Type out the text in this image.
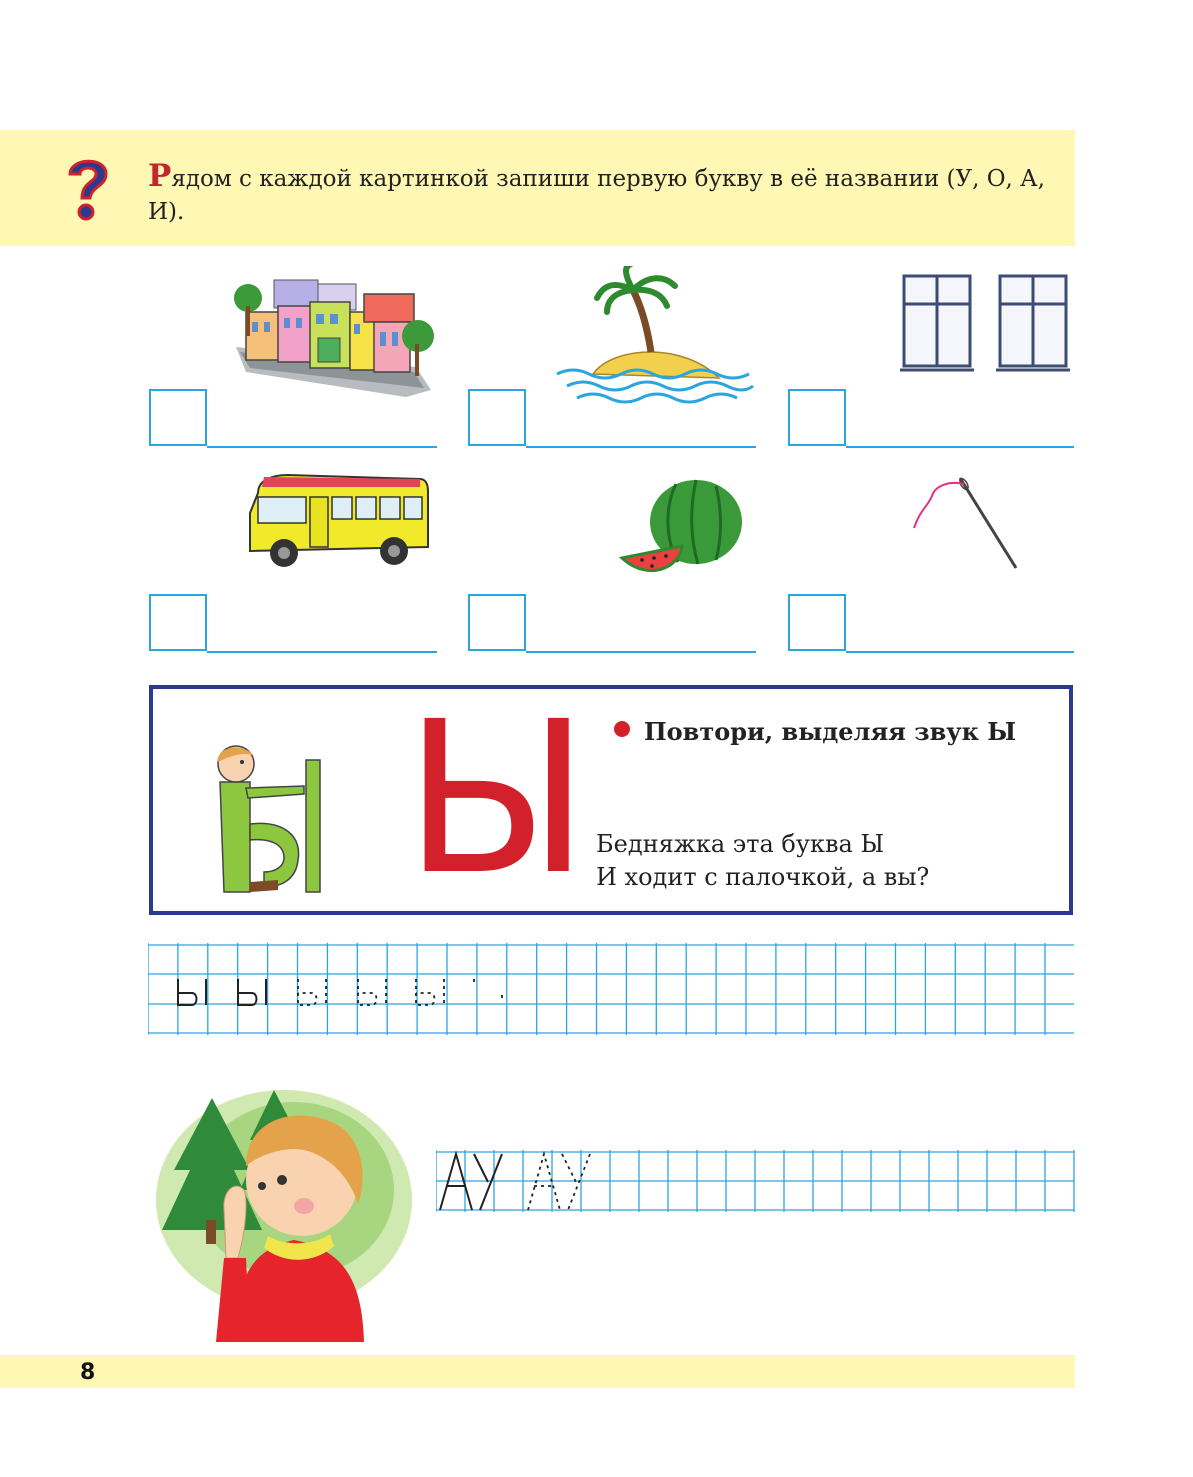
Рядом с каждой картинкой запиши первую букву в её названии (У, О, А, И).
Ы	Повтори, выделяя звук Ы
Бедняжка эта буква Ы
И ходит с палочкой, а вы?
8
